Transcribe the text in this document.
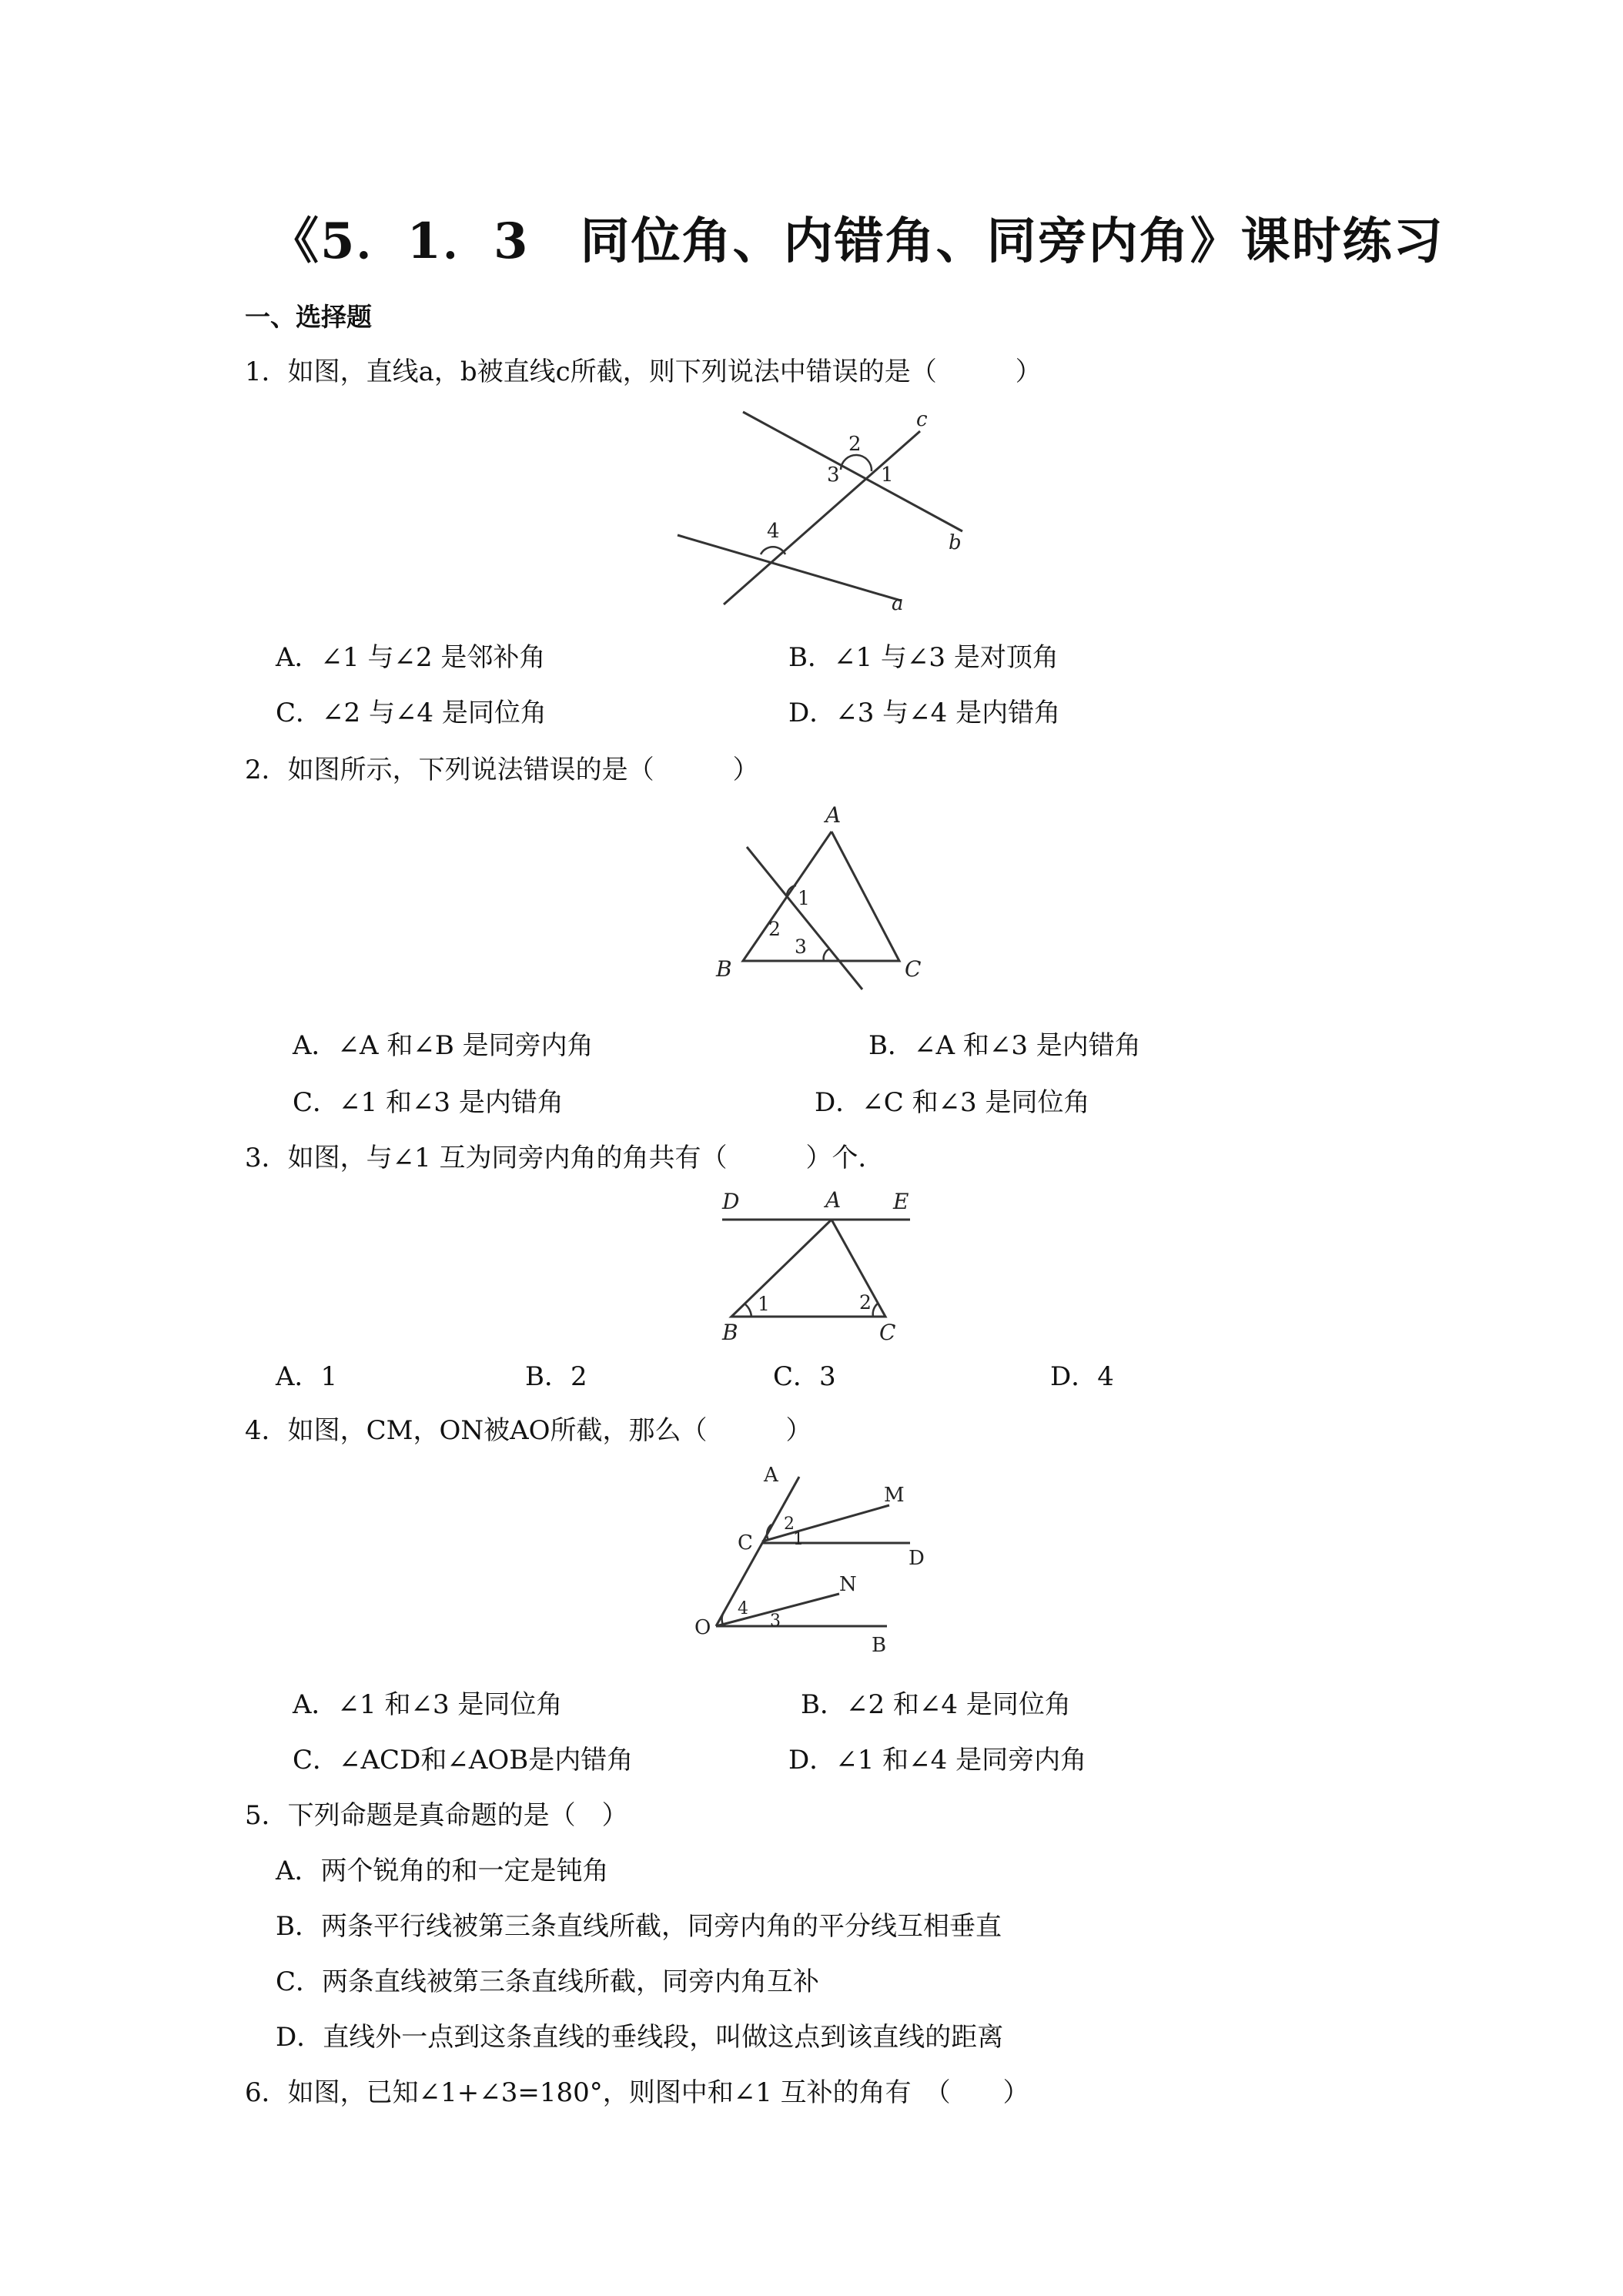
《5．1．3　同位角、内错角、同旁内角》课时练习
一、选择题
1．如图，直线a，b被直线c所截，则下列说法中错误的是（　　　）
c
b
a
2
3 1
4
A．∠1 与∠2 是邻补角	B．∠1 与∠3 是对顶角
C．∠2 与∠4 是同位角	D．∠3 与∠4 是内错角
2．如图所示，下列说法错误的是（　　　）
A
B	C
1
2
3
A．∠A 和∠B 是同旁内角	B．∠A 和∠3 是内错角
C．∠1 和∠3 是内错角	D．∠C 和∠3 是同位角
3．如图，与∠1 互为同旁内角的角共有（　　　）个．
D	A E
B	C
1	2
A．1	B．2	C．3	D．4
4．如图，CM，ON被AO所截，那么（　　　）
A
M
C
D
N
O
B
2
1
4
3
A．∠1 和∠3 是同位角	B．∠2 和∠4 是同位角
C．∠ACD和∠AOB是内错角	D．∠1 和∠4 是同旁内角
5．下列命题是真命题的是（　）
A．两个锐角的和一定是钝角
B．两条平行线被第三条直线所截，同旁内角的平分线互相垂直
C．两条直线被第三条直线所截，同旁内角互补
D．直线外一点到这条直线的垂线段，叫做这点到该直线的距离
6．如图，已知∠1+∠3=180°，则图中和∠1 互补的角有　（　　）
